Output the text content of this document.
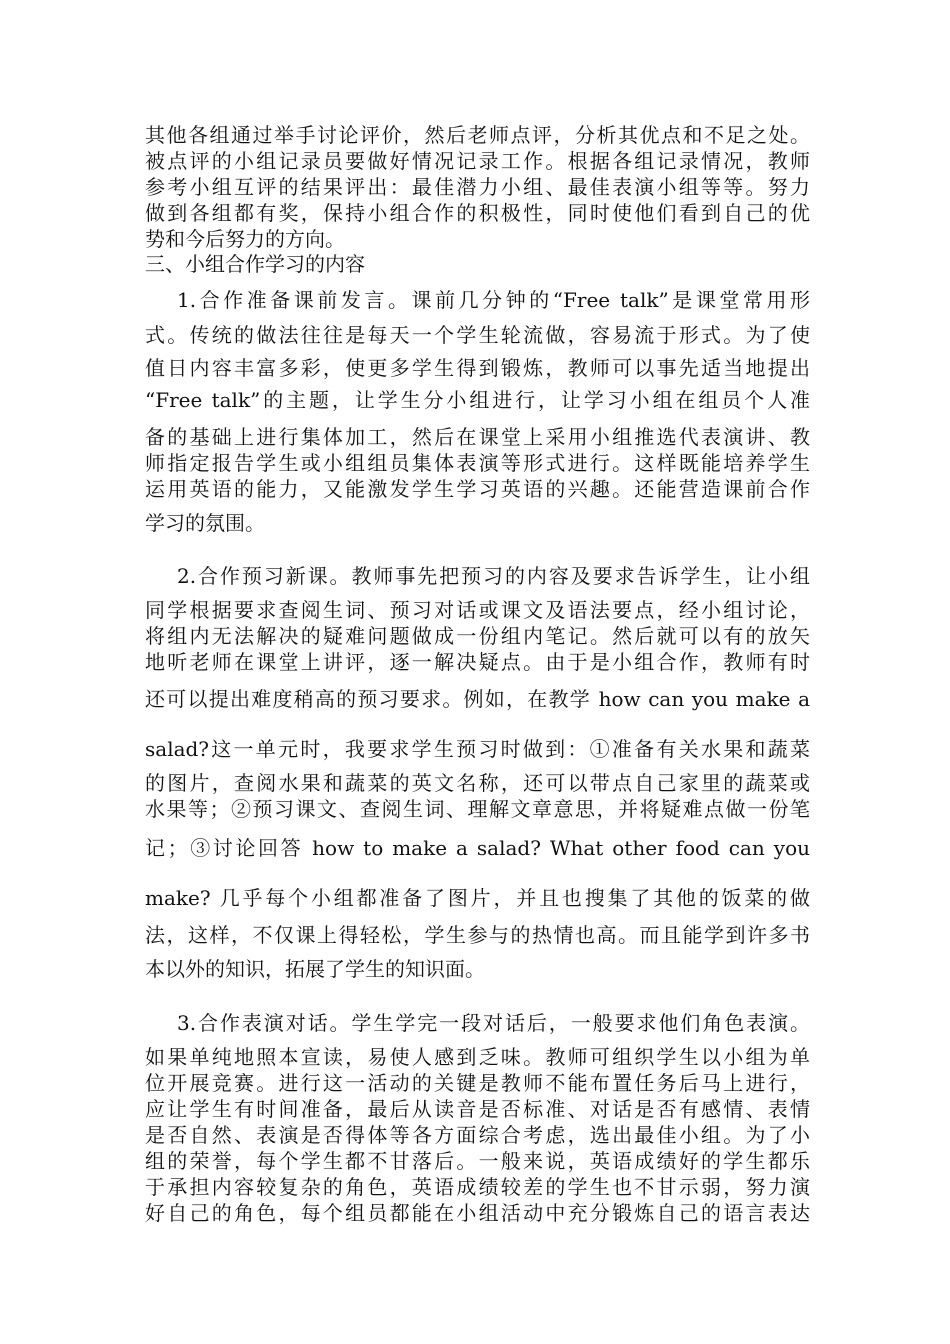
其他各组通过举手讨论评价，然后老师点评，分析其优点和不足之处。
被点评的小组记录员要做好情况记录工作。根据各组记录情况，教师
参考小组互评的结果评出：最佳潜力小组、最佳表演小组等等。努力
做到各组都有奖，保持小组合作的积极性，同时使他们看到自己的优
势和今后努力的方向。
三、小组合作学习的内容
1.合作准备课前发言。课前几分钟的“Free talk”是课堂常用形
式。传统的做法往往是每天一个学生轮流做，容易流于形式。为了使
值日内容丰富多彩，使更多学生得到锻炼，教师可以事先适当地提出
“Free talk”的主题，让学生分小组进行，让学习小组在组员个人准
备的基础上进行集体加工，然后在课堂上采用小组推选代表演讲、教
师指定报告学生或小组组员集体表演等形式进行。这样既能培养学生
运用英语的能力，又能激发学生学习英语的兴趣。还能营造课前合作
学习的氛围。
2.合作预习新课。教师事先把预习的内容及要求告诉学生，让小组
同学根据要求查阅生词、预习对话或课文及语法要点，经小组讨论，
将组内无法解决的疑难问题做成一份组内笔记。然后就可以有的放矢
地听老师在课堂上讲评，逐一解决疑点。由于是小组合作，教师有时
还可以提出难度稍高的预习要求。例如，在教学 how can you make a
salad?这一单元时，我要求学生预习时做到：①准备有关水果和蔬菜
的图片，查阅水果和蔬菜的英文名称，还可以带点自己家里的蔬菜或
水果等；②预习课文、查阅生词、理解文章意思，并将疑难点做一份笔
记；③讨论回答 how to make a salad? What other food can you
make? 几乎每个小组都准备了图片，并且也搜集了其他的饭菜的做
法，这样，不仅课上得轻松，学生参与的热情也高。而且能学到许多书
本以外的知识，拓展了学生的知识面。
3.合作表演对话。学生学完一段对话后，一般要求他们角色表演。
如果单纯地照本宣读，易使人感到乏味。教师可组织学生以小组为单
位开展竞赛。进行这一活动的关键是教师不能布置任务后马上进行，
应让学生有时间准备，最后从读音是否标准、对话是否有感情、表情
是否自然、表演是否得体等各方面综合考虑，选出最佳小组。为了小
组的荣誉，每个学生都不甘落后。一般来说，英语成绩好的学生都乐
于承担内容较复杂的角色，英语成绩较差的学生也不甘示弱，努力演
好自己的角色，每个组员都能在小组活动中充分锻炼自己的语言表达
